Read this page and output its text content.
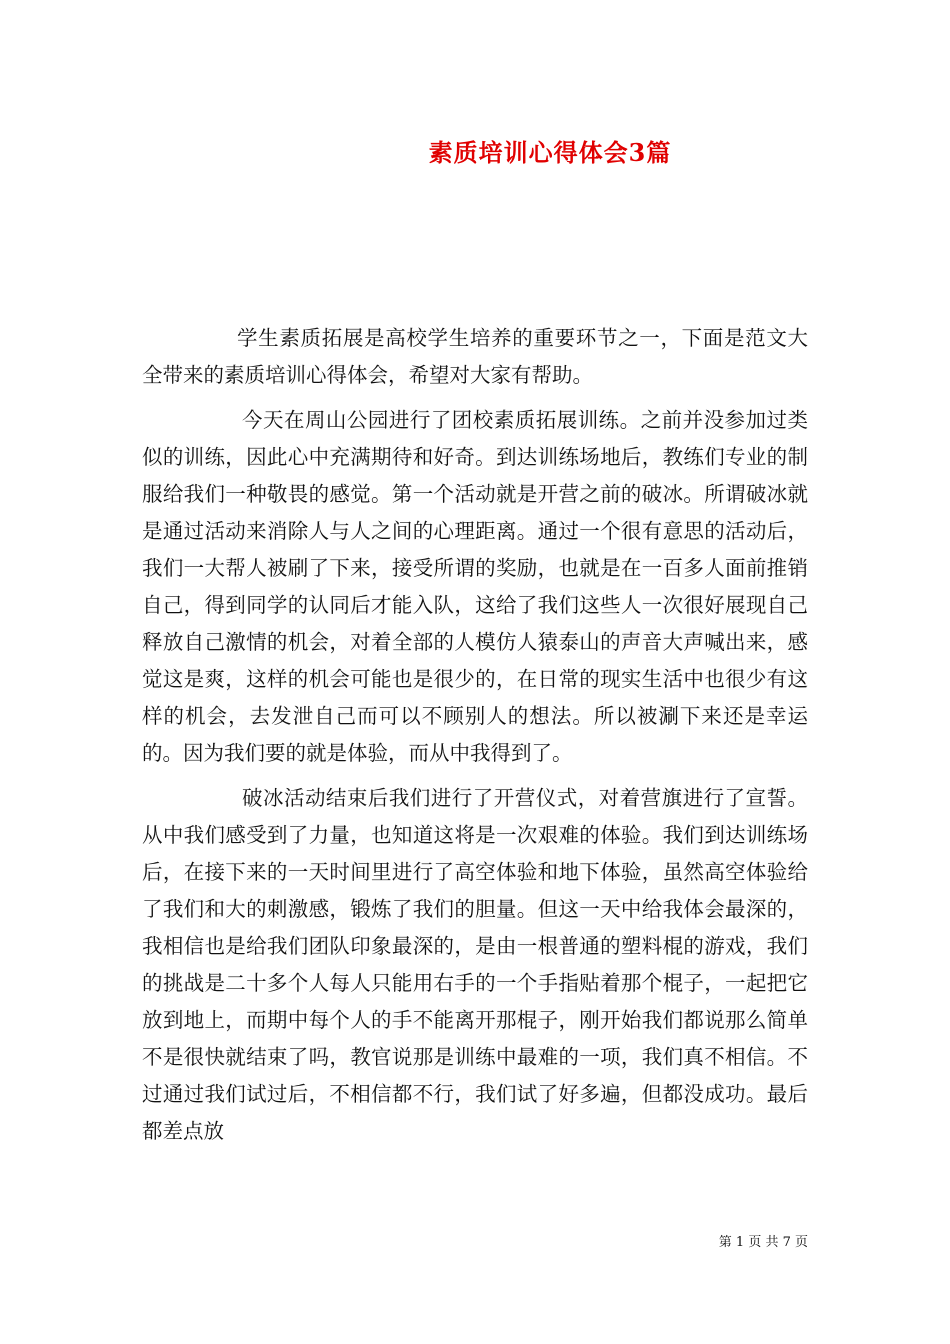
素质培训心得体会3篇

学生素质拓展是高校学生培养的重要环节之一，下面是范文大全带来的素质培训心得体会，希望对大家有帮助。

今天在周山公园进行了团校素质拓展训练。之前并没参加过类似的训练，因此心中充满期待和好奇。到达训练场地后，教练们专业的制服给我们一种敬畏的感觉。第一个活动就是开营之前的破冰。所谓破冰就是通过活动来消除人与人之间的心理距离。通过一个很有意思的活动后，我们一大帮人被刷了下来，接受所谓的奖励，也就是在一百多人面前推销自己，得到同学的认同后才能入队，这给了我们这些人一次很好展现自己释放自己激情的机会，对着全部的人模仿人猿泰山的声音大声喊出来，感觉这是爽，这样的机会可能也是很少的，在日常的现实生活中也很少有这样的机会，去发泄自己而可以不顾别人的想法。所以被涮下来还是幸运的。因为我们要的就是体验，而从中我得到了。

破冰活动结束后我们进行了开营仪式，对着营旗进行了宣誓。从中我们感受到了力量，也知道这将是一次艰难的体验。我们到达训练场后，在接下来的一天时间里进行了高空体验和地下体验，虽然高空体验给了我们和大的刺激感，锻炼了我们的胆量。但这一天中给我体会最深的，我相信也是给我们团队印象最深的，是由一根普通的塑料棍的游戏，我们的挑战是二十多个人每人只能用右手的一个手指贴着那个棍子，一起把它放到地上，而期中每个人的手不能离开那棍子，刚开始我们都说那么简单不是很快就结束了吗，教官说那是训练中最难的一项，我们真不相信。不过通过我们试过后，不相信都不行，我们试了好多遍，但都没成功。最后都差点放

第 1 页 共 7 页
